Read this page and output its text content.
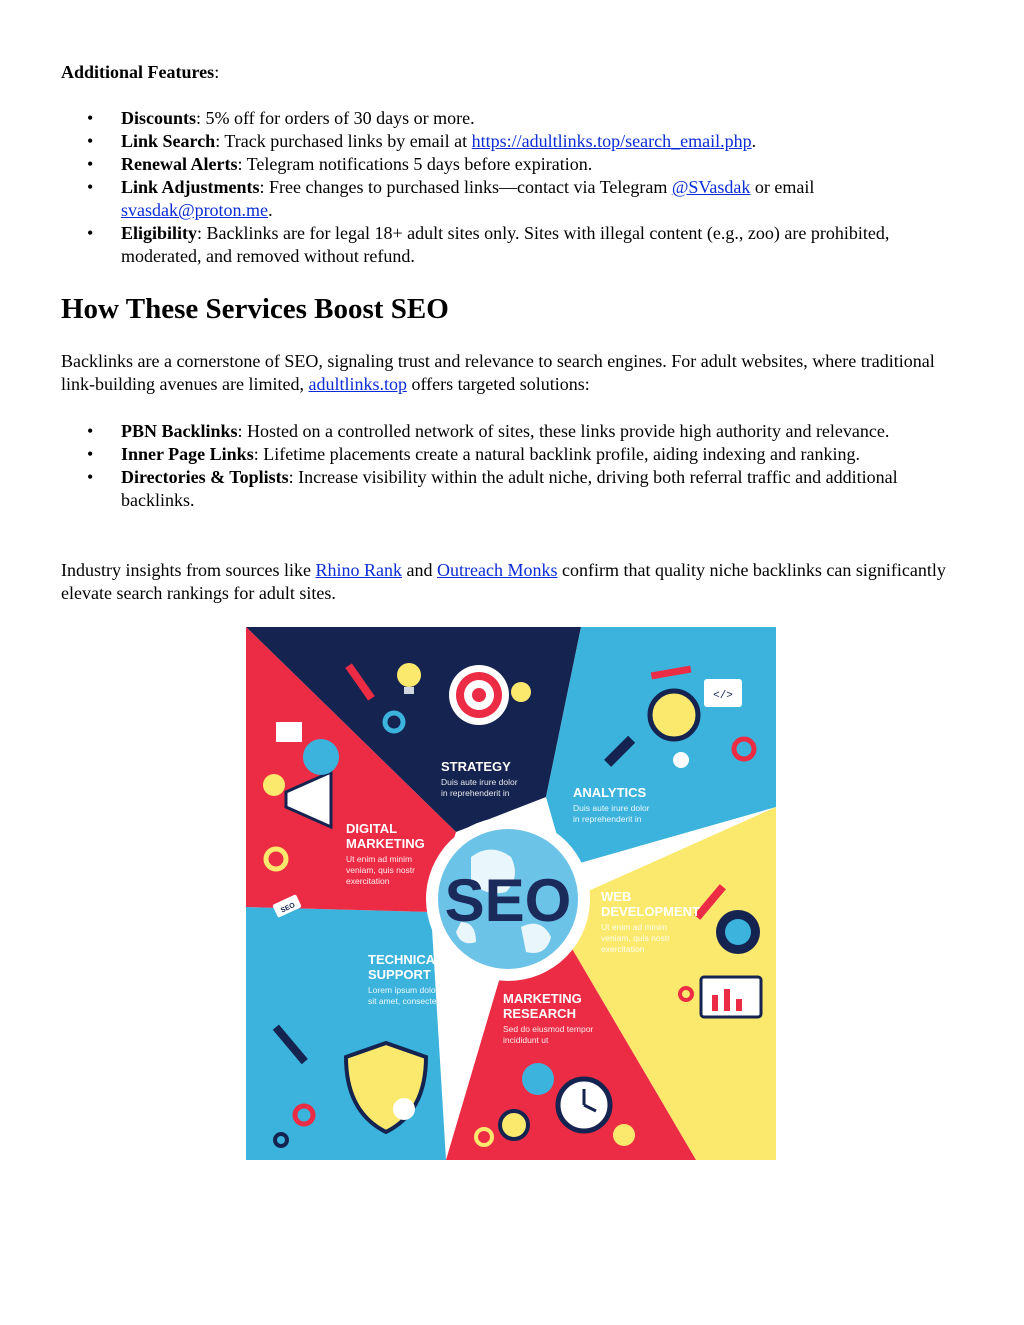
Additional Features:

• Discounts: 5% off for orders of 30 days or more.
• Link Search: Track purchased links by email at https://adultlinks.top/search_email.php.
• Renewal Alerts: Telegram notifications 5 days before expiration.
• Link Adjustments: Free changes to purchased links—contact via Telegram @SVasdak or email svasdak@proton.me.
• Eligibility: Backlinks are for legal 18+ adult sites only. Sites with illegal content (e.g., zoo) are prohibited, moderated, and removed without refund.
How These Services Boost SEO

Backlinks are a cornerstone of SEO, signaling trust and relevance to search engines. For adult websites, where traditional link-building avenues are limited, adultlinks.top offers targeted solutions:

• PBN Backlinks: Hosted on a controlled network of sites, these links provide high authority and relevance.
• Inner Page Links: Lifetime placements create a natural backlink profile, aiding indexing and ranking.
• Directories & Toplists: Increase visibility within the adult niche, driving both referral traffic and additional backlinks.

Industry insights from sources like Rhino Rank and Outreach Monks confirm that quality niche backlinks can significantly elevate search rankings for adult sites.

SEO
STRATEGY
Duis aute irure dolor
in reprehenderit in
</>
ANALYTICS
Duis aute irure dolor
in reprehenderit in
WEB
DEVELOPMENT
Ut enim ad minim
veniam, quis nostr
exercitation
MARKETING
RESEARCH
Sed do eiusmod tempor
incididunt ut
TECHNICAL
SUPPORT
Lorem ipsum dolor
sit amet, consectetur
SEO
DIGITAL
MARKETING
Ut enim ad minim
veniam, quis nostr
exercitation
